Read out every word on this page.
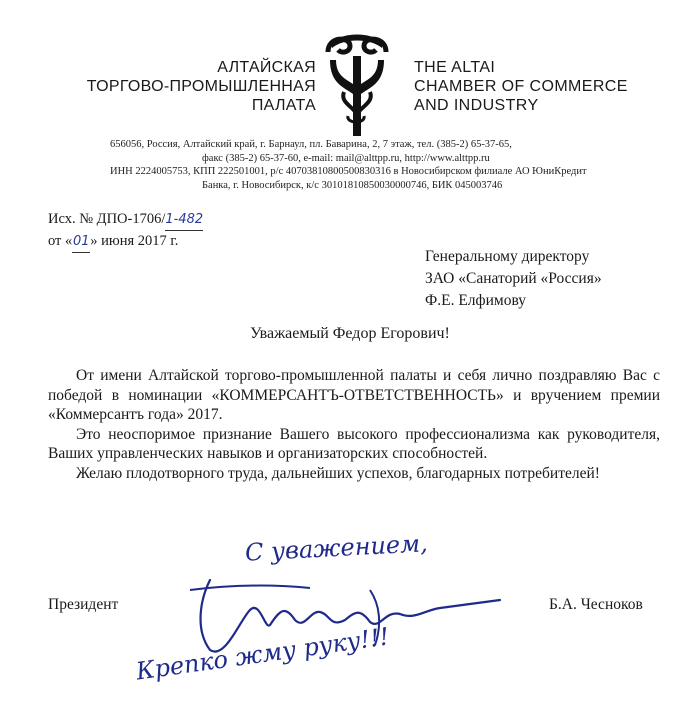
АЛТАЙСКАЯ
ТОРГОВО-ПРОМЫШЛЕННАЯ
ПАЛАТА
THE ALTAI
CHAMBER OF COMMERCE
AND INDUSTRY
656056, Россия, Алтайский край, г. Барнаул, пл. Баварина, 2, 7 этаж, тел. (385-2) 65-37-65,
факс (385-2) 65-37-60, e-mail: mail@alttpp.ru, http://www.alttpp.ru
ИНН 2224005753, КПП 222501001, р/с 40703810800500830316 в Новосибирском филиале АО ЮниКредит
Банка, г. Новосибирск, к/с 30101810850030000746, БИК 045003746
Исх. № ДПО-1706/1-482
от «01» июня 2017 г.
Генеральному директору
ЗАО «Санаторий «Россия»
Ф.Е. Елфимову
Уважаемый Федор Егорович!

От имени Алтайской торгово-промышленной палаты и себя лично поздравляю Вас с победой в номинации «КОММЕРСАНТЪ-ОТВЕТСТВЕННОСТЬ» и вручением премии «Коммерсантъ года» 2017.

Это неоспоримое признание Вашего высокого профессионализма как руководителя, Ваших управленческих навыков и организаторских способностей.

Желаю плодотворного труда, дальнейших успехов, благодарных потребителей!

С уважением,
Президент	Б.А. Чесноков
Крепко жму руку!!!
